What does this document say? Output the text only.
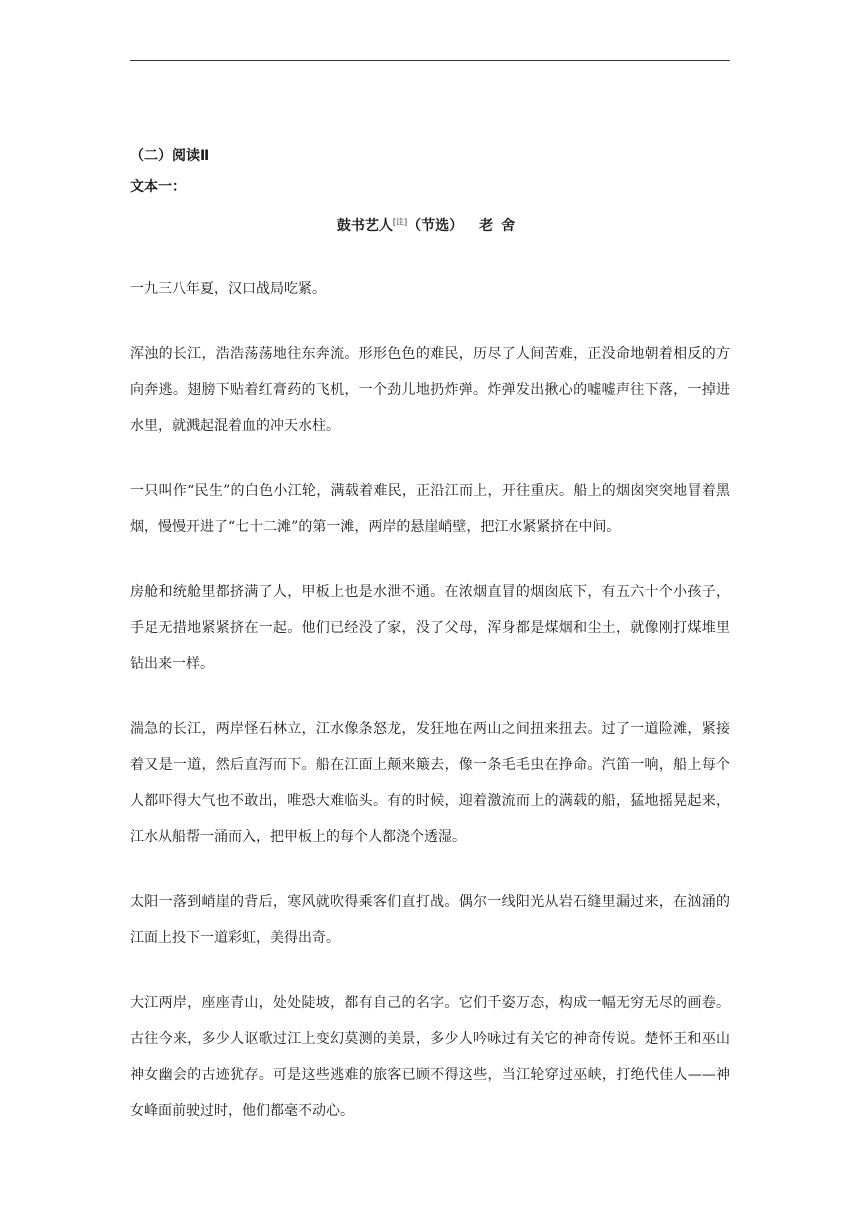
（二）阅读Ⅱ
文本一：
鼓书艺人[注]（节选） 老舍

一九三八年夏，汉口战局吃紧。

浑浊的长江，浩浩荡荡地往东奔流。形形色色的难民，历尽了人间苦难，正没命地朝着相反的方向奔逃。翅膀下贴着红膏药的飞机，一个劲儿地扔炸弹。炸弹发出揪心的嘘嘘声往下落，一掉进水里，就溅起混着血的冲天水柱。

一只叫作“民生”的白色小江轮，满载着难民，正沿江而上，开往重庆。船上的烟囱突突地冒着黑烟，慢慢开进了“七十二滩”的第一滩，两岸的悬崖峭壁，把江水紧紧挤在中间。

房舱和统舱里都挤满了人，甲板上也是水泄不通。在浓烟直冒的烟囱底下，有五六十个小孩子，手足无措地紧紧挤在一起。他们已经没了家，没了父母，浑身都是煤烟和尘土，就像刚打煤堆里钻出来一样。

湍急的长江，两岸怪石林立，江水像条怒龙，发狂地在两山之间扭来扭去。过了一道险滩，紧接着又是一道，然后直泻而下。船在江面上颠来簸去，像一条毛毛虫在挣命。汽笛一响，船上每个人都吓得大气也不敢出，唯恐大难临头。有的时候，迎着激流而上的满载的船，猛地摇晃起来，江水从船帮一涌而入，把甲板上的每个人都浇个透湿。

太阳一落到峭崖的背后，寒风就吹得乘客们直打战。偶尔一线阳光从岩石缝里漏过来，在汹涌的江面上投下一道彩虹，美得出奇。

大江两岸，座座青山，处处陡坡，都有自己的名字。它们千姿万态，构成一幅无穷无尽的画卷。古往今来，多少人讴歌过江上变幻莫测的美景，多少人吟咏过有关它的神奇传说。楚怀王和巫山神女幽会的古迹犹存。可是这些逃难的旅客已顾不得这些，当江轮穿过巫峡，打绝代佳人——神女峰面前驶过时，他们都毫不动心。
